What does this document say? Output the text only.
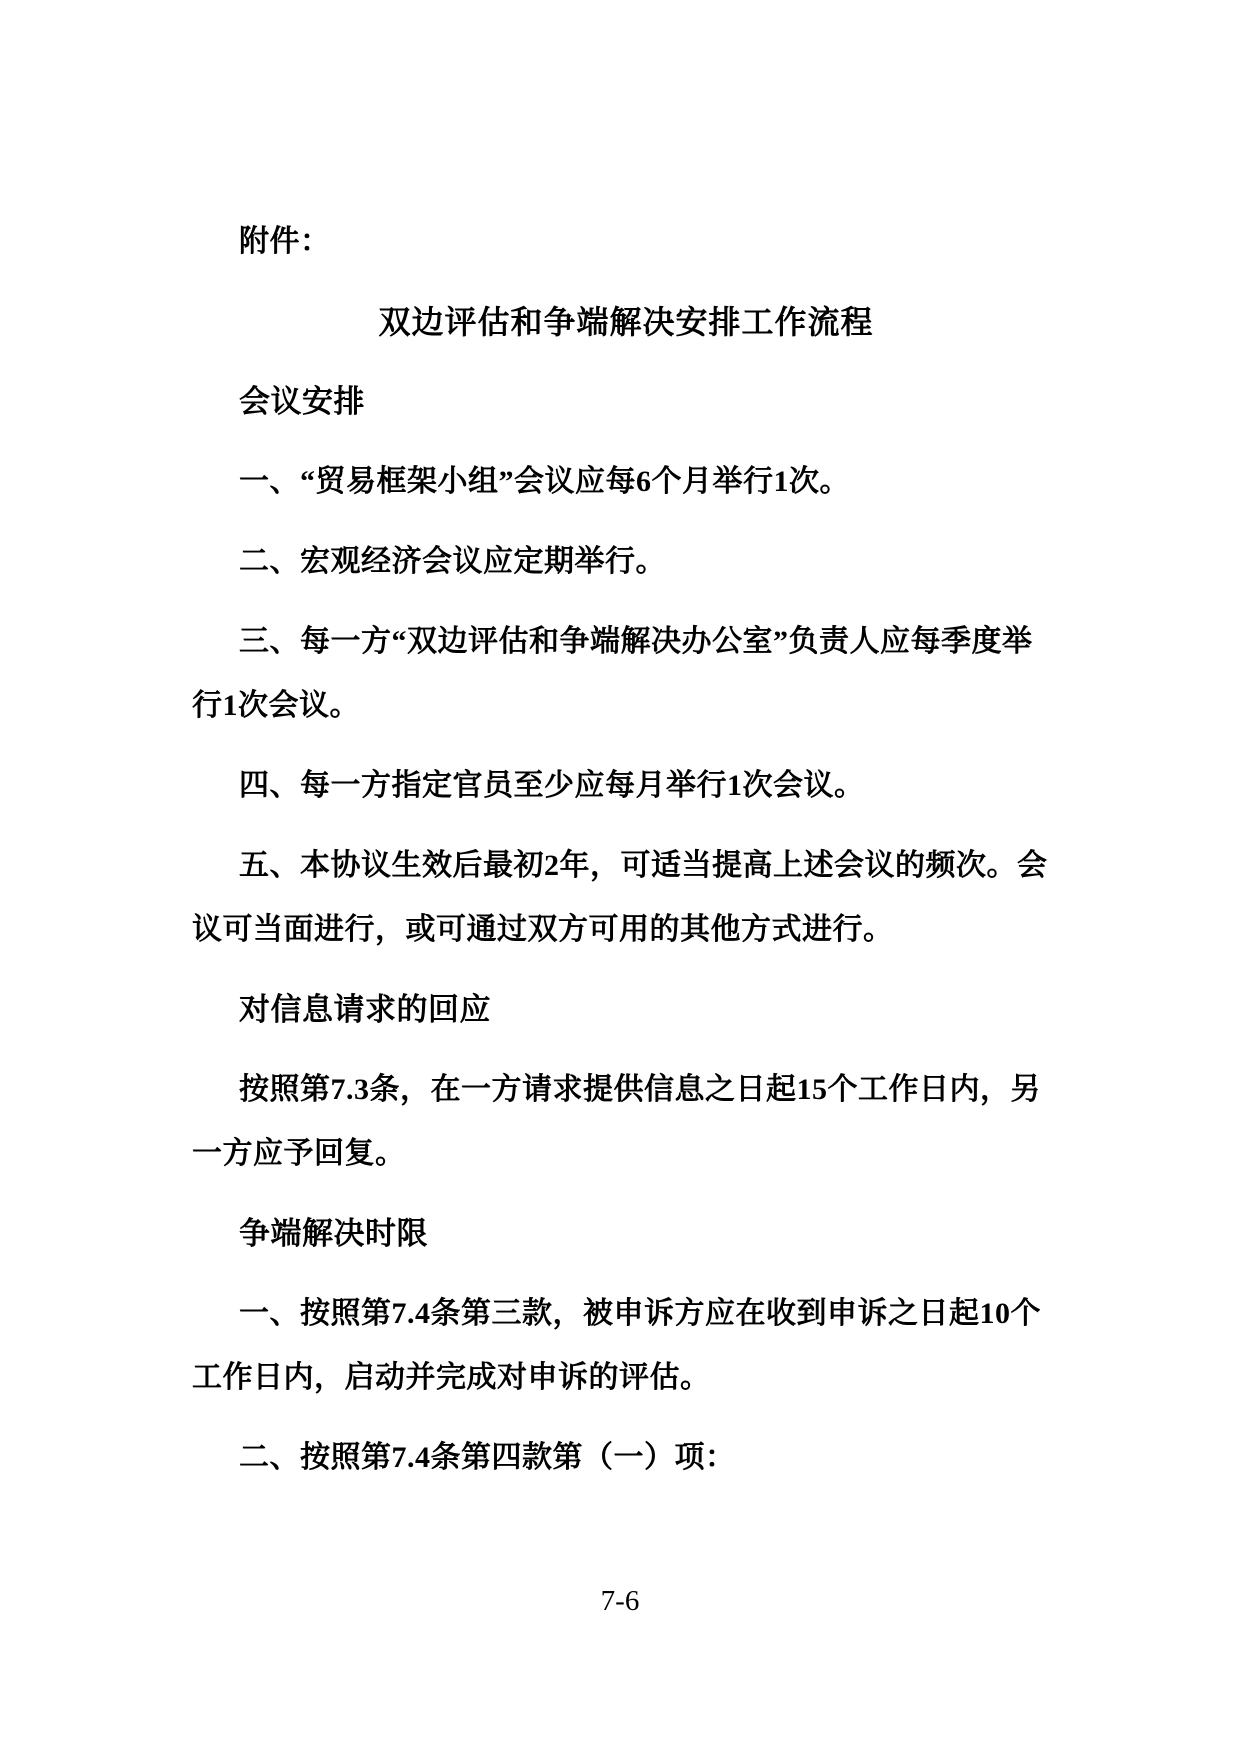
附件：

双边评估和争端解决安排工作流程

会议安排

一、“贸易框架小组”会议应每6个月举行1次。

二、宏观经济会议应定期举行。

三、每一方“双边评估和争端解决办公室”负责人应每季度举行1次会议。

四、每一方指定官员至少应每月举行1次会议。

五、本协议生效后最初2年，可适当提高上述会议的频次。会议可当面进行，或可通过双方可用的其他方式进行。

对信息请求的回应

按照第7.3条，在一方请求提供信息之日起15个工作日内，另一方应予回复。

争端解决时限

一、按照第7.4条第三款，被申诉方应在收到申诉之日起10个工作日内，启动并完成对申诉的评估。

二、按照第7.4条第四款第（一）项：

7-6
